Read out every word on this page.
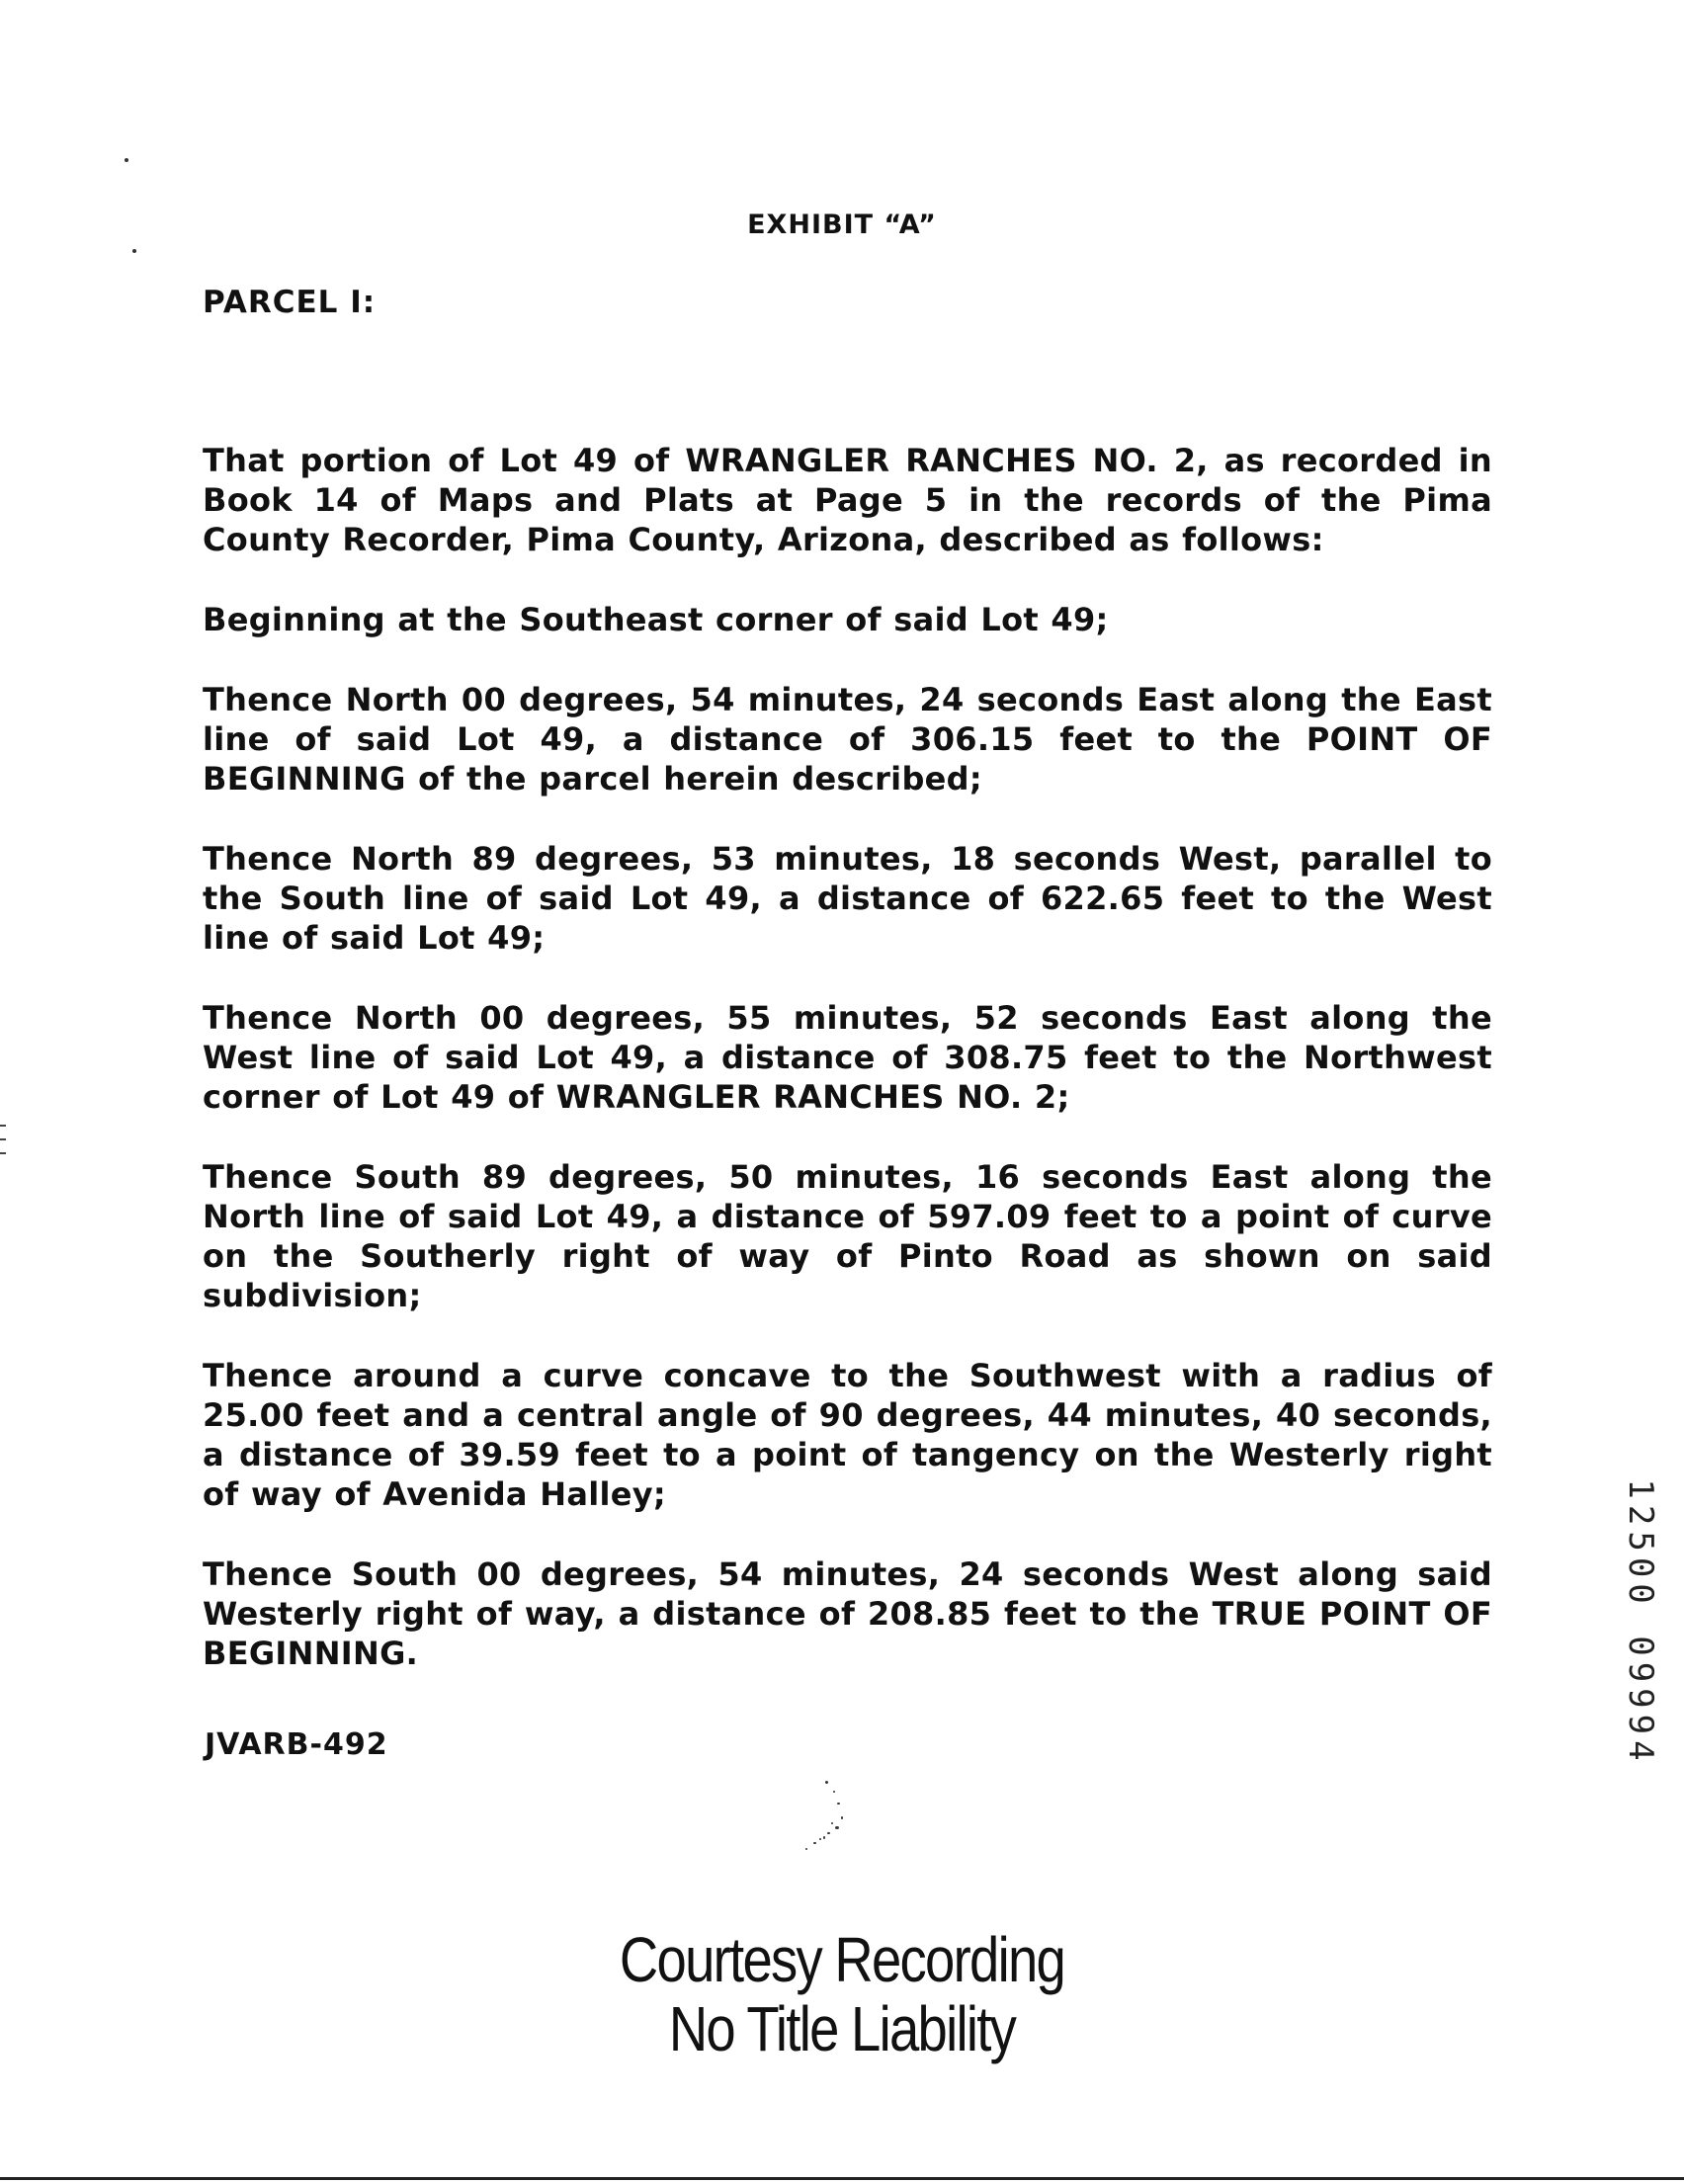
EXHIBIT “A”
PARCEL I:

That portion of Lot 49 of WRANGLER RANCHES NO. 2, as recorded in Book 14 of Maps and Plats at Page 5 in the records of the Pima County Recorder, Pima County, Arizona, described as follows:

Beginning at the Southeast corner of said Lot 49;

Thence North 00 degrees, 54 minutes, 24 seconds East along the East line of said Lot 49, a distance of 306.15 feet to the POINT OF BEGINNING of the parcel herein described;

Thence North 89 degrees, 53 minutes, 18 seconds West, parallel to the South line of said Lot 49, a distance of 622.65 feet to the West line of said Lot 49;

Thence North 00 degrees, 55 minutes, 52 seconds East along the West line of said Lot 49, a distance of 308.75 feet to the Northwest corner of Lot 49 of WRANGLER RANCHES NO. 2;

Thence South 89 degrees, 50 minutes, 16 seconds East along the North line of said Lot 49, a distance of 597.09 feet to a point of curve on the Southerly right of way of Pinto Road as shown on said subdivision;

Thence around a curve concave to the Southwest with a radius of 25.00 feet and a central angle of 90 degrees, 44 minutes, 40 seconds, a distance of 39.59 feet to a point of tangency on the Westerly right of way of Avenida Halley;

Thence South 00 degrees, 54 minutes, 24 seconds West along said Westerly right of way, a distance of 208.85 feet to the TRUE POINT OF BEGINNING.

JVARB-492	12500 09994
Courtesy Recording
No Title Liability
